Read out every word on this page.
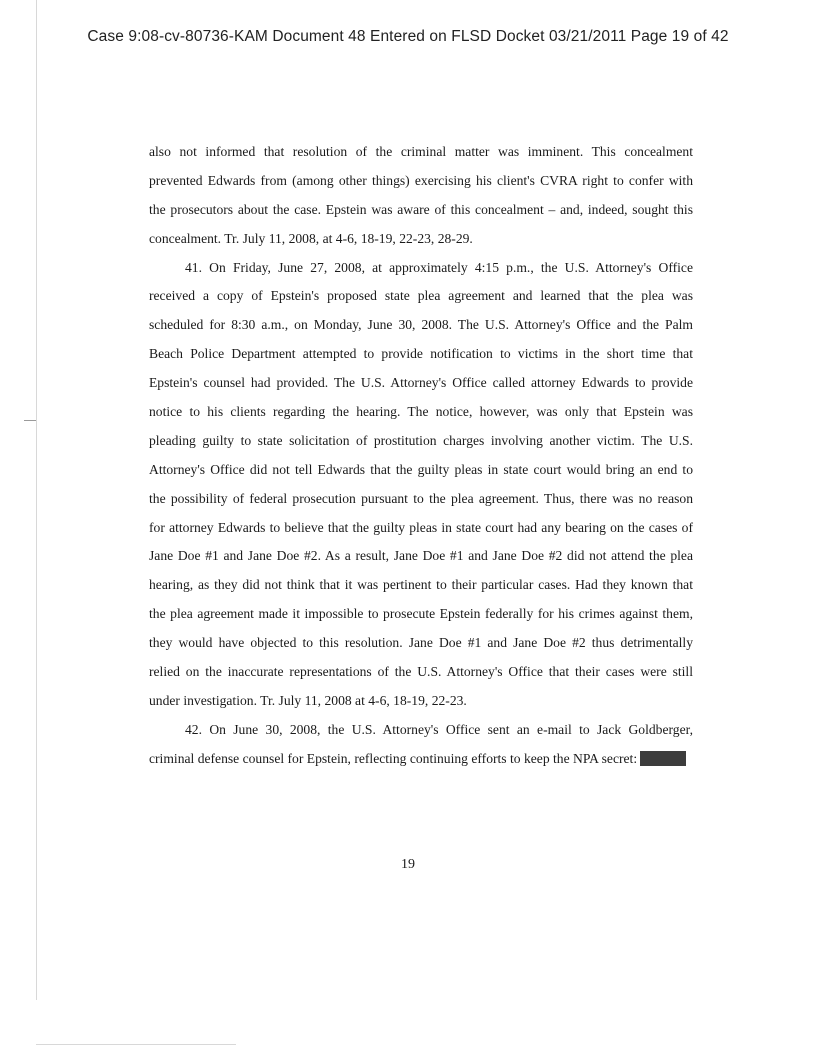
Case 9:08-cv-80736-KAM Document 48 Entered on FLSD Docket 03/21/2011 Page 19 of 42
also not informed that resolution of the criminal matter was imminent. This concealment
prevented Edwards from (among other things) exercising his client's CVRA right to confer with
the prosecutors about the case. Epstein was aware of this concealment – and, indeed, sought this
concealment. Tr. July 11, 2008, at 4-6, 18-19, 22-23, 28-29.
41. On Friday, June 27, 2008, at approximately 4:15 p.m., the U.S. Attorney's Office
received a copy of Epstein's proposed state plea agreement and learned that the plea was
scheduled for 8:30 a.m., on Monday, June 30, 2008. The U.S. Attorney's Office and the Palm
Beach Police Department attempted to provide notification to victims in the short time that
Epstein's counsel had provided. The U.S. Attorney's Office called attorney Edwards to provide
notice to his clients regarding the hearing. The notice, however, was only that Epstein was
pleading guilty to state solicitation of prostitution charges involving another victim. The U.S.
Attorney's Office did not tell Edwards that the guilty pleas in state court would bring an end to
the possibility of federal prosecution pursuant to the plea agreement. Thus, there was no reason
for attorney Edwards to believe that the guilty pleas in state court had any bearing on the cases of
Jane Doe #1 and Jane Doe #2. As a result, Jane Doe #1 and Jane Doe #2 did not attend the plea
hearing, as they did not think that it was pertinent to their particular cases. Had they known that
the plea agreement made it impossible to prosecute Epstein federally for his crimes against them,
they would have objected to this resolution. Jane Doe #1 and Jane Doe #2 thus detrimentally
relied on the inaccurate representations of the U.S. Attorney's Office that their cases were still
under investigation. Tr. July 11, 2008 at 4-6, 18-19, 22-23.
42. On June 30, 2008, the U.S. Attorney's Office sent an e-mail to Jack Goldberger,
criminal defense counsel for Epstein, reflecting continuing efforts to keep the NPA secret:
19
